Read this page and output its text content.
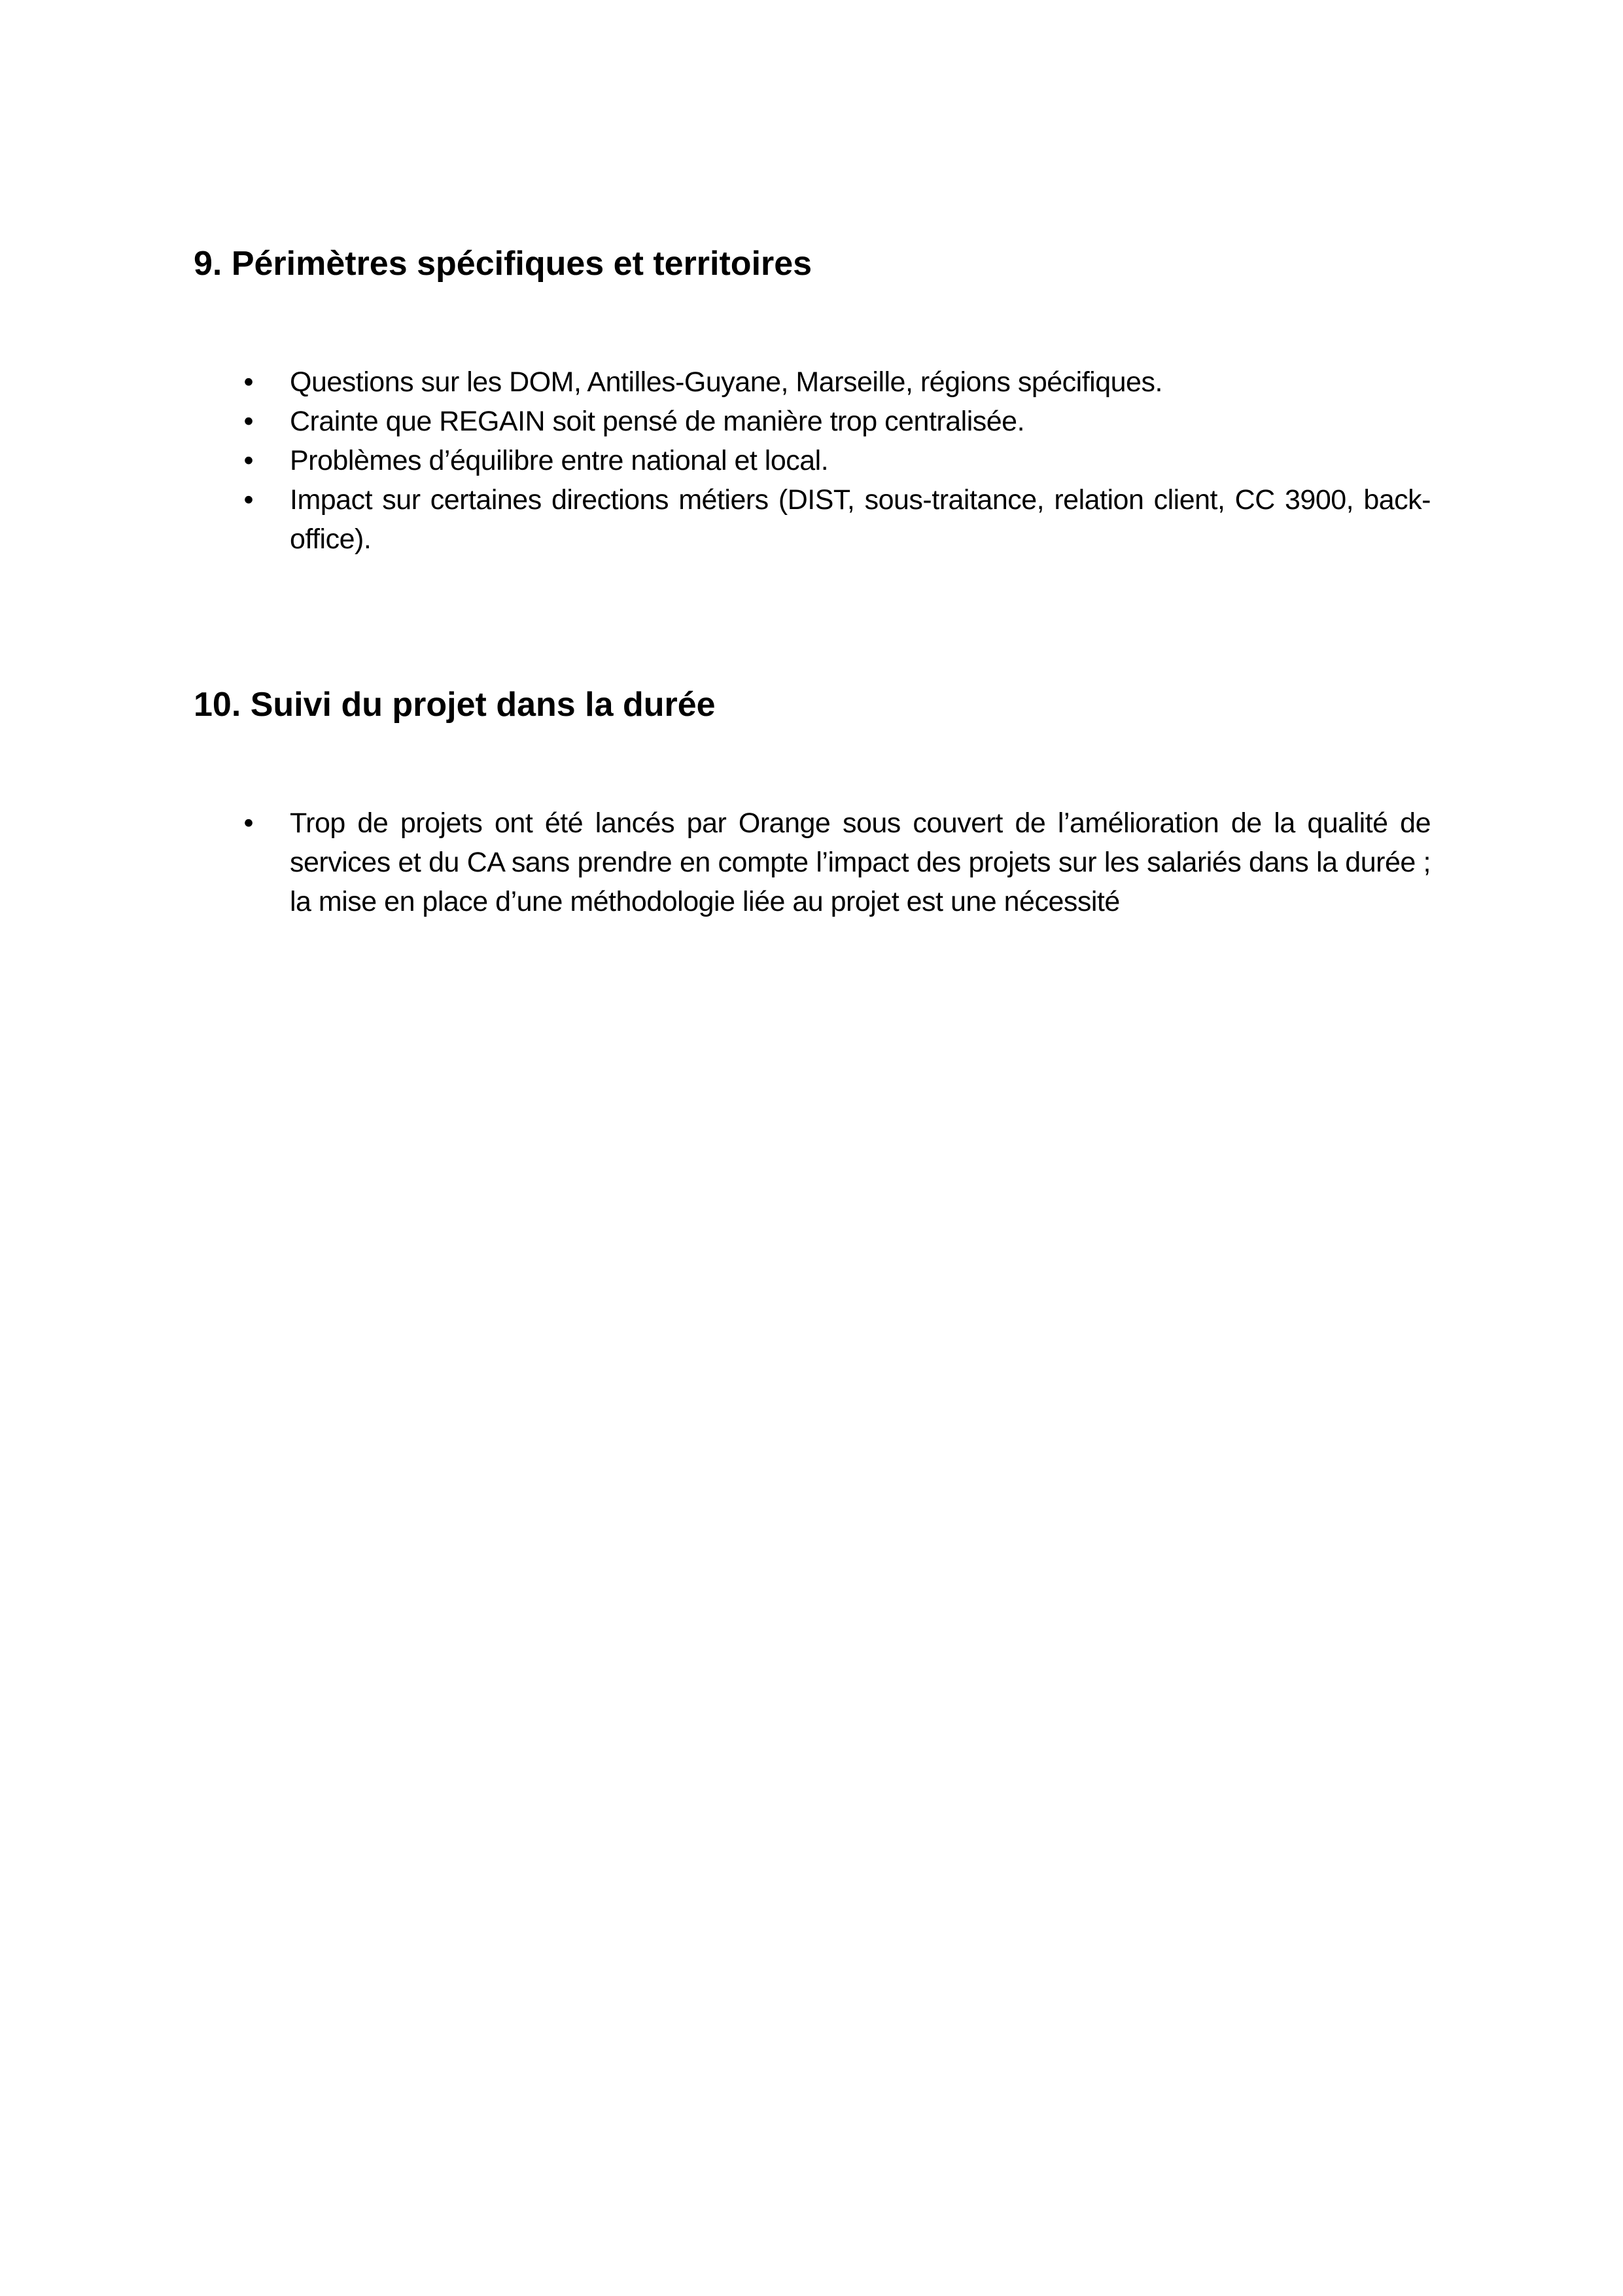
9. Périmètres spécifiques et territoires
• Questions sur les DOM, Antilles-Guyane, Marseille, régions spécifiques.
• Crainte que REGAIN soit pensé de manière trop centralisée.
• Problèmes d’équilibre entre national et local.
• Impact sur certaines directions métiers (DIST, sous-traitance, relation client, CC 3900, back-office).
10. Suivi du projet dans la durée
• Trop de projets ont été lancés par Orange sous couvert de l’amélioration de la qualité de services et du CA sans prendre en compte l’impact des projets sur les salariés dans la durée ; la mise en place d’une méthodologie liée au projet est une nécessité
